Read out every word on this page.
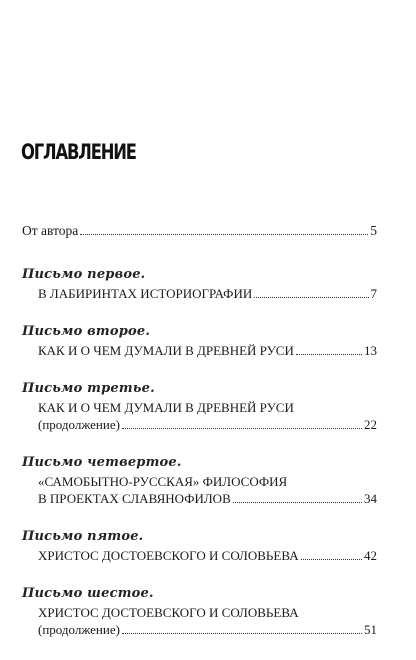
ОГЛАВЛЕНИЕ
От автора	5
Письмо первое.
В ЛАБИРИНТАХ ИСТОРИОГРАФИИ	7
Письмо второе.
КАК И О ЧЕМ ДУМАЛИ В ДРЕВНЕЙ РУСИ	13
Письмо третье.
КАК И О ЧЕМ ДУМАЛИ В ДРЕВНЕЙ РУСИ
(продолжение)	22
Письмо четвертое.
«САМОБЫТНО-РУССКАЯ» ФИЛОСОФИЯ
В ПРОЕКТАХ СЛАВЯНОФИЛОВ	34
Письмо пятое.
ХРИСТОС ДОСТОЕВСКОГО И СОЛОВЬЕВА	42
Письмо шестое.
ХРИСТОС ДОСТОЕВСКОГО И СОЛОВЬЕВА
(продолжение)	51
